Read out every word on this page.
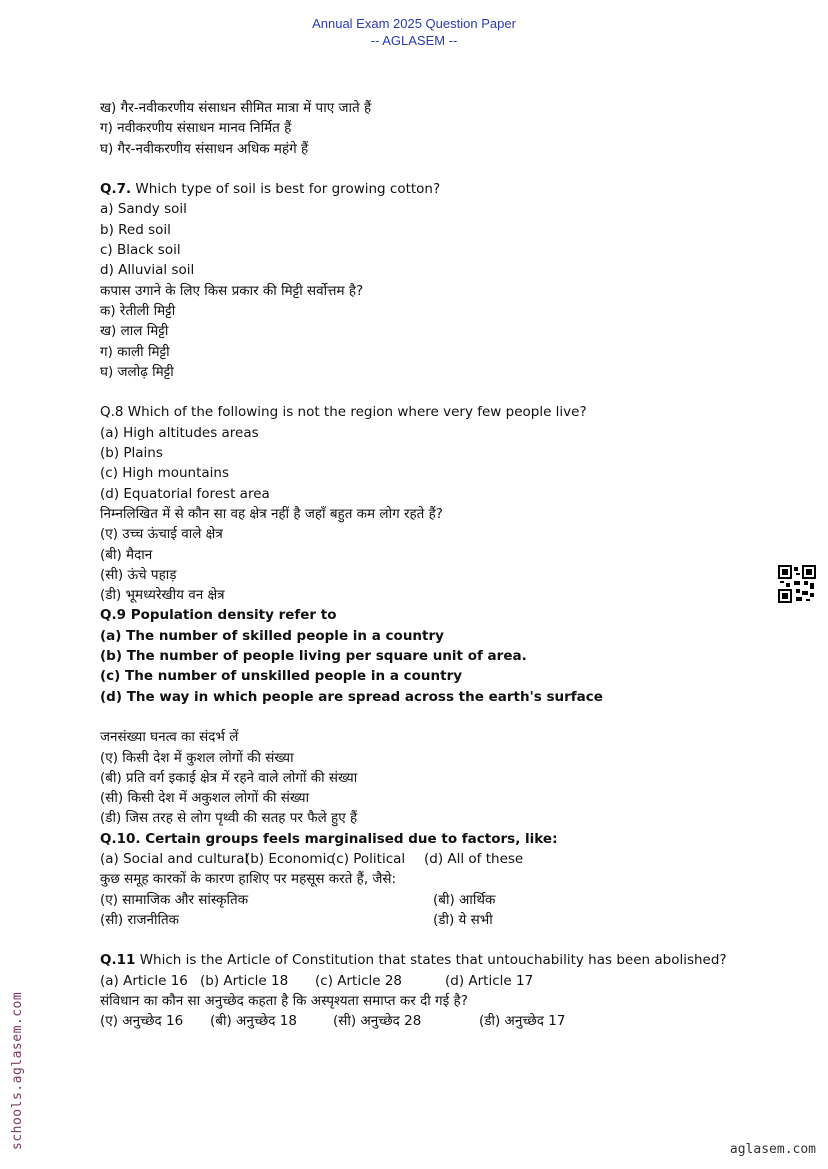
Annual Exam 2025 Question Paper
-- AGLASEM --
ख) गैर-नवीकरणीय संसाधन सीमित मात्रा में पाए जाते हैं
ग) नवीकरणीय संसाधन मानव निर्मित हैं
घ) गैर-नवीकरणीय संसाधन अधिक महंगे हैं
Q.7. Which type of soil is best for growing cotton?
a) Sandy soil
b) Red soil
c) Black soil
d) Alluvial soil
कपास उगाने के लिए किस प्रकार की मिट्टी सर्वोत्तम है?
क) रेतीली मिट्टी
ख) लाल मिट्टी
ग) काली मिट्टी
घ) जलोढ़ मिट्टी
Q.8 Which of the following is not the region where very few people live?
(a) High altitudes areas
(b) Plains
(c) High mountains
(d) Equatorial forest area
निम्नलिखित में से कौन सा वह क्षेत्र नहीं है जहाँ बहुत कम लोग रहते हैं?
(ए) उच्च ऊंचाई वाले क्षेत्र
(बी) मैदान
(सी) ऊंचे पहाड़
(डी) भूमध्यरेखीय वन क्षेत्र
Q.9 Population density refer to
(a) The number of skilled people in a country
(b) The number of people living per square unit of area.
(c) The number of unskilled people in a country
(d) The way in which people are spread across the earth's surface
जनसंख्या घनत्व का संदर्भ लें
(ए) किसी देश में कुशल लोगों की संख्या
(बी) प्रति वर्ग इकाई क्षेत्र में रहने वाले लोगों की संख्या
(सी) किसी देश में अकुशल लोगों की संख्या
(डी) जिस तरह से लोग पृथ्वी की सतह पर फैले हुए हैं
Q.10. Certain groups feels marginalised due to factors, like:
(a) Social and cultural(b) Economic(c) Political (d) All of these
कुछ समूह कारकों के कारण हाशिए पर महसूस करते हैं, जैसे:
(ए) सामाजिक और सांस्कृतिक	(बी) आर्थिक
(सी) राजनीतिक	(डी) ये सभी
Q.11 Which is the Article of Constitution that states that untouchability has been abolished?
(a) Article 16 (b) Article 18 (c) Article 28	(d) Article 17
संविधान का कौन सा अनुच्छेद कहता है कि अस्पृश्यता समाप्त कर दी गई है?
(ए) अनुच्छेद 16 (बी) अनुच्छेद 18	(सी) अनुच्छेद 28	(डी) अनुच्छेद 17
schools.aglasem.com	aglasem.com
